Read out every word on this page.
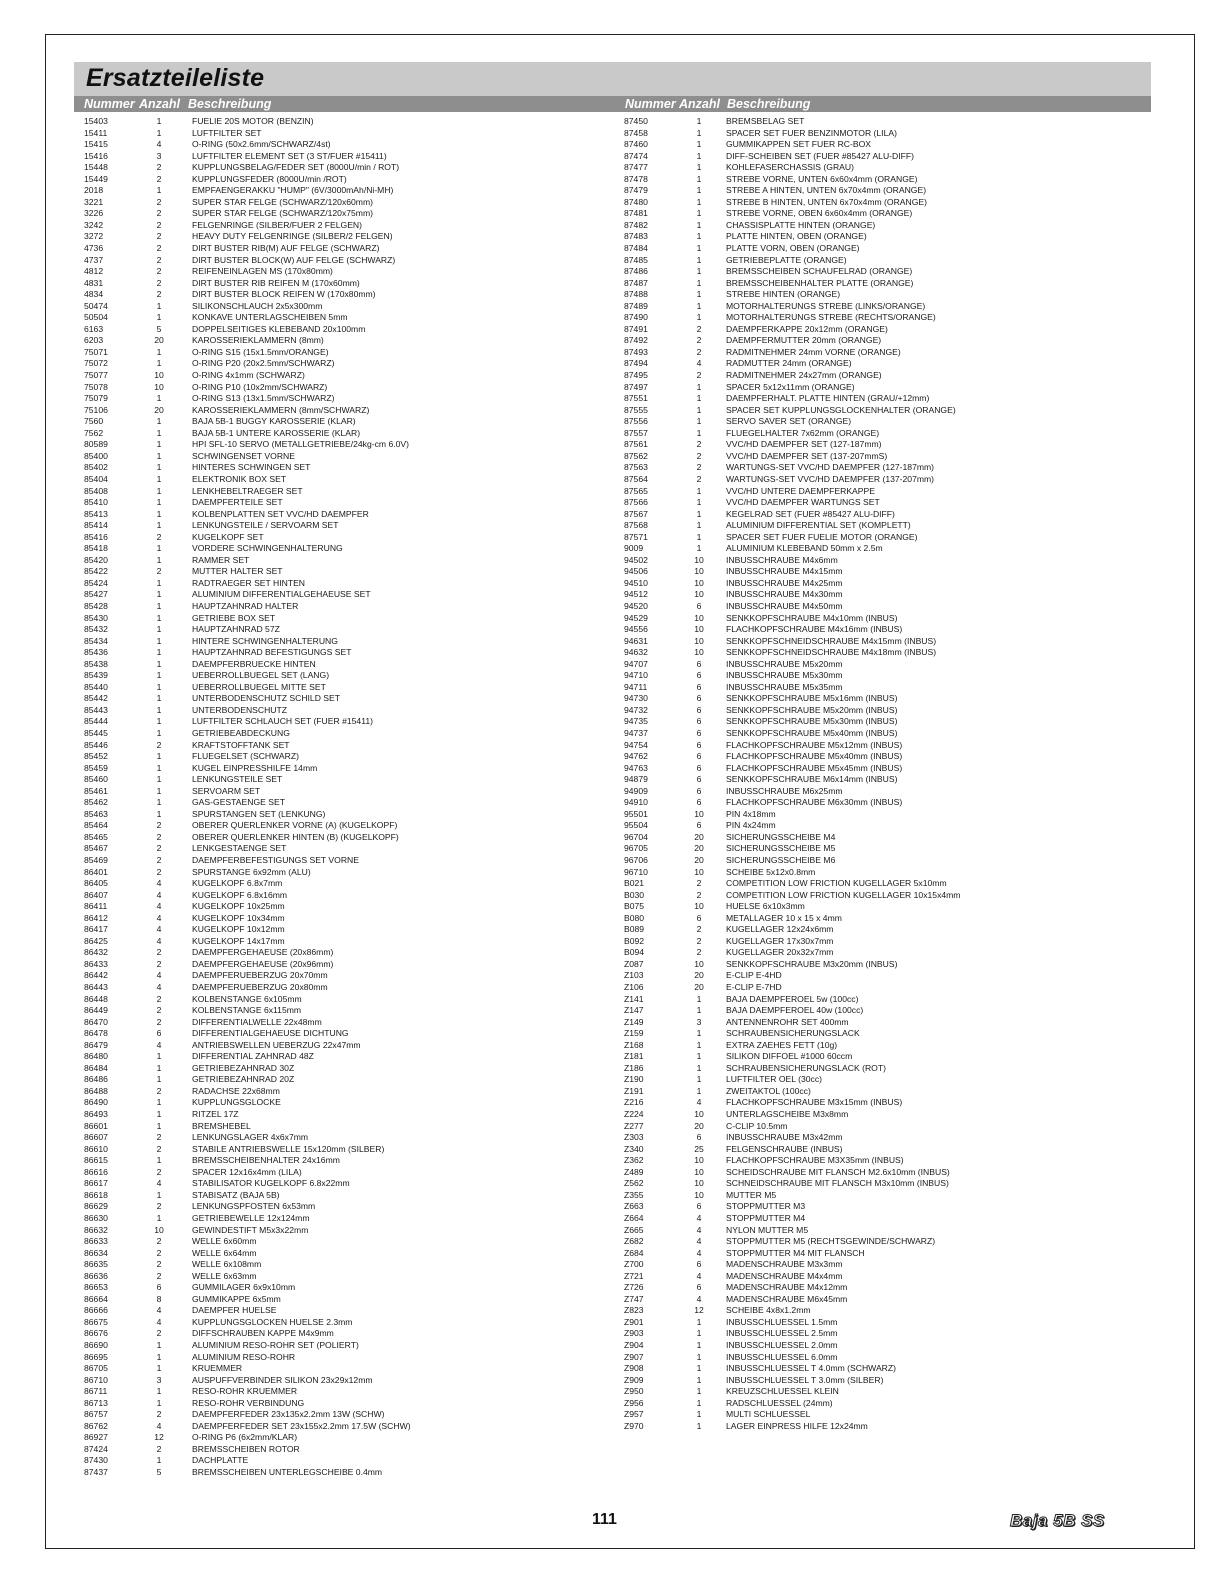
Ersatzteileliste
Nummer Anzahl Beschreibung	Nummer Anzahl Beschreibung
15403	1	FUELIE 20S MOTOR (BENZIN)
15411	1	LUFTFILTER SET
15415	4	O-RING (50x2.6mm/SCHWARZ/4st)
15416	3	LUFTFILTER ELEMENT SET (3 ST/FUER #15411)
15448	2	KUPPLUNGSBELAG/FEDER SET (8000U/min / ROT)
15449	2	KUPPLUNGSFEDER (8000U/min /ROT)
2018	1	EMPFAENGERAKKU "HUMP" (6V/3000mAh/Ni-MH)
3221	2	SUPER STAR FELGE (SCHWARZ/120x60mm)
3226	2	SUPER STAR FELGE (SCHWARZ/120x75mm)
3242	2	FELGENRINGE (SILBER/FUER 2 FELGEN)
3272	2	HEAVY DUTY FELGENRINGE (SILBER/2 FELGEN)
4736	2	DIRT BUSTER RIB(M) AUF FELGE (SCHWARZ)
4737	2	DIRT BUSTER BLOCK(W) AUF FELGE (SCHWARZ)
4812	2	REIFENEINLAGEN MS (170x80mm)
4831	2	DIRT BUSTER RIB REIFEN M (170x60mm)
4834	2	DIRT BUSTER BLOCK REIFEN W (170x80mm)
50474	1	SILIKONSCHLAUCH 2x5x300mm
50504	1	KONKAVE UNTERLAGSCHEIBEN 5mm
6163	5	DOPPELSEITIGES KLEBEBAND 20x100mm
6203	20	KAROSSERIEKLAMMERN (8mm)
75071	1	O-RING S15 (15x1.5mm/ORANGE)
75072	1	O-RING P20 (20x2.5mm/SCHWARZ)
75077	10	O-RING 4x1mm (SCHWARZ)
75078	10	O-RING P10 (10x2mm/SCHWARZ)
75079	1	O-RING S13 (13x1.5mm/SCHWARZ)
75106	20	KAROSSERIEKLAMMERN (8mm/SCHWARZ)
7560	1	BAJA 5B-1 BUGGY KAROSSERIE (KLAR)
7562	1	BAJA 5B-1 UNTERE KAROSSERIE (KLAR)
80589	1	HPI SFL-10 SERVO (METALLGETRIEBE/24kg-cm 6.0V)
85400	1	SCHWINGENSET VORNE
85402	1	HINTERES SCHWINGEN SET
85404	1	ELEKTRONIK BOX SET
85408	1	LENKHEBELTRAEGER SET
85410	1	DAEMPFERTEILE SET
85413	1	KOLBENPLATTEN SET VVC/HD DAEMPFER
85414	1	LENKUNGSTEILE / SERVOARM SET
85416	2	KUGELKOPF SET
85418	1	VORDERE SCHWINGENHALTERUNG
85420	1	RAMMER SET
85422	2	MUTTER HALTER SET
85424	1	RADTRAEGER SET HINTEN
85427	1	ALUMINIUM DIFFERENTIALGEHAEUSE SET
85428	1	HAUPTZAHNRAD HALTER
85430	1	GETRIEBE BOX SET
85432	1	HAUPTZAHNRAD 57Z
85434	1	HINTERE SCHWINGENHALTERUNG
85436	1	HAUPTZAHNRAD BEFESTIGUNGS SET
85438	1	DAEMPFERBRUECKE HINTEN
85439	1	UEBERROLLBUEGEL SET (LANG)
85440	1	UEBERROLLBUEGEL MITTE SET
85442	1	UNTERBODENSCHUTZ SCHILD SET
85443	1	UNTERBODENSCHUTZ
85444	1	LUFTFILTER SCHLAUCH SET (FUER #15411)
85445	1	GETRIEBEABDECKUNG
85446	2	KRAFTSTOFFTANK SET
85452	1	FLUEGELSET (SCHWARZ)
85459	1	KUGEL EINPRESSHILFE 14mm
85460	1	LENKUNGSTEILE SET
85461	1	SERVOARM SET
85462	1	GAS-GESTAENGE SET
85463	1	SPURSTANGEN SET (LENKUNG)
85464	2	OBERER QUERLENKER VORNE (A) (KUGELKOPF)
85465	2	OBERER QUERLENKER HINTEN (B) (KUGELKOPF)
85467	2	LENKGESTAENGE SET
85469	2	DAEMPFERBEFESTIGUNGS SET VORNE
86401	2	SPURSTANGE 6x92mm (ALU)
86405	4	KUGELKOPF 6.8x7mm
86407	4	KUGELKOPF 6.8x16mm
86411	4	KUGELKOPF 10x25mm
86412	4	KUGELKOPF 10x34mm
86417	4	KUGELKOPF 10x12mm
86425	4	KUGELKOPF 14x17mm
86432	2	DAEMPFERGEHAEUSE (20x86mm)
86433	2	DAEMPFERGEHAEUSE (20x96mm)
86442	4	DAEMPFERUEBERZUG 20x70mm
86443	4	DAEMPFERUEBERZUG 20x80mm
86448	2	KOLBENSTANGE 6x105mm
86449	2	KOLBENSTANGE 6x115mm
86470	2	DIFFERENTIALWELLE 22x48mm
86478	6	DIFFERENTIALGEHAEUSE DICHTUNG
86479	4	ANTRIEBSWELLEN UEBERZUG 22x47mm
86480	1	DIFFERENTIAL ZAHNRAD 48Z
86484	1	GETRIEBEZAHNRAD 30Z
86486	1	GETRIEBEZAHNRAD 20Z
86488	2	RADACHSE 22x68mm
86490	1	KUPPLUNGSGLOCKE
86493	1	RITZEL 17Z
86601	1	BREMSHEBEL
86607	2	LENKUNGSLAGER 4x6x7mm
86610	2	STABILE ANTRIEBSWELLE 15x120mm (SILBER)
86615	1	BREMSSCHEIBENHALTER 24x16mm
86616	2	SPACER 12x16x4mm (LILA)
86617	4	STABILISATOR KUGELKOPF 6.8x22mm
86618	1	STABISATZ (BAJA 5B)
86629	2	LENKUNGSPFOSTEN 6x53mm
86630	1	GETRIEBEWELLE 12x124mm
86632	10	GEWINDESTIFT M5x3x22mm
86633	2	WELLE 6x60mm
86634	2	WELLE 6x64mm
86635	2	WELLE 6x108mm
86636	2	WELLE 6x63mm
86653	6	GUMMILAGER 6x9x10mm
86664	8	GUMMIKAPPE 6x5mm
86666	4	DAEMPFER HUELSE
86675	4	KUPPLUNGSGLOCKEN HUELSE 2.3mm
86676	2	DIFFSCHRAUBEN KAPPE M4x9mm
86690	1	ALUMINIUM RESO-ROHR SET (POLIERT)
86695	1	ALUMINIUM RESO-ROHR
86705	1	KRUEMMER
86710	3	AUSPUFFVERBINDER SILIKON 23x29x12mm
86711	1	RESO-ROHR KRUEMMER
86713	1	RESO-ROHR VERBINDUNG
86757	2	DAEMPFERFEDER 23x135x2.2mm 13W (SCHW)
86762	4	DAEMPFERFEDER SET 23x155x2.2mm 17.5W (SCHW)
86927	12	O-RING P6 (6x2mm/KLAR)
87424	2	BREMSSCHEIBEN ROTOR
87430	1	DACHPLATTE
87437	5	BREMSSCHEIBEN UNTERLEGSCHEIBE 0.4mm
87450	1	BREMSBELAG SET
87458	1	SPACER SET FUER BENZINMOTOR (LILA)
87460	1	GUMMIKAPPEN SET FUER RC-BOX
87474	1	DIFF-SCHEIBEN SET (FUER #85427 ALU-DIFF)
87477	1	KOHLEFASERCHASSIS (GRAU)
87478	1	STREBE VORNE, UNTEN 6x60x4mm (ORANGE)
87479	1	STREBE A HINTEN, UNTEN 6x70x4mm (ORANGE)
87480	1	STREBE B HINTEN, UNTEN 6x70x4mm (ORANGE)
87481	1	STREBE VORNE, OBEN 6x60x4mm (ORANGE)
87482	1	CHASSISPLATTE HINTEN (ORANGE)
87483	1	PLATTE HINTEN, OBEN (ORANGE)
87484	1	PLATTE VORN, OBEN (ORANGE)
87485	1	GETRIEBEPLATTE (ORANGE)
87486	1	BREMSSCHEIBEN SCHAUFELRAD (ORANGE)
87487	1	BREMSSCHEIBENHALTER PLATTE (ORANGE)
87488	1	STREBE HINTEN (ORANGE)
87489	1	MOTORHALTERUNGS STREBE (LINKS/ORANGE)
87490	1	MOTORHALTERUNGS STREBE (RECHTS/ORANGE)
87491	2	DAEMPFERKAPPE 20x12mm (ORANGE)
87492	2	DAEMPFERMUTTER 20mm (ORANGE)
87493	2	RADMITNEHMER 24mm VORNE (ORANGE)
87494	4	RADMUTTER 24mm (ORANGE)
87495	2	RADMITNEHMER 24x27mm (ORANGE)
87497	1	SPACER 5x12x11mm (ORANGE)
87551	1	DAEMPFERHALT. PLATTE HINTEN (GRAU/+12mm)
87555	1	SPACER SET KUPPLUNGSGLOCKENHALTER (ORANGE)
87556	1	SERVO SAVER SET (ORANGE)
87557	1	FLUEGELHALTER 7x62mm (ORANGE)
87561	2	VVC/HD DAEMPFER SET (127-187mm)
87562	2	VVC/HD DAEMPFER SET (137-207mmS)
87563	2	WARTUNGS-SET VVC/HD DAEMPFER (127-187mm)
87564	2	WARTUNGS-SET VVC/HD DAEMPFER (137-207mm)
87565	1	VVC/HD UNTERE DAEMPFERKAPPE
87566	1	VVC/HD DAEMPFER WARTUNGS SET
87567	1	KEGELRAD SET (FUER #85427 ALU-DIFF)
87568	1	ALUMINIUM DIFFERENTIAL SET (KOMPLETT)
87571	1	SPACER SET FUER FUELIE MOTOR (ORANGE)
9009	1	ALUMINIUM KLEBEBAND 50mm x 2.5m
94502	10	INBUSSCHRAUBE M4x6mm
94506	10	INBUSSCHRAUBE M4x15mm
94510	10	INBUSSCHRAUBE M4x25mm
94512	10	INBUSSCHRAUBE M4x30mm
94520	6	INBUSSCHRAUBE M4x50mm
94529	10	SENKKOPFSCHRAUBE M4x10mm (INBUS)
94556	10	FLACHKOPFSCHRAUBE M4x16mm (INBUS)
94631	10	SENKKOPFSCHNEIDSCHRAUBE M4x15mm (INBUS)
94632	10	SENKKOPFSCHNEIDSCHRAUBE M4x18mm (INBUS)
94707	6	INBUSSCHRAUBE M5x20mm
94710	6	INBUSSCHRAUBE M5x30mm
94711	6	INBUSSCHRAUBE M5x35mm
94730	6	SENKKOPFSCHRAUBE M5x16mm (INBUS)
94732	6	SENKKOPFSCHRAUBE M5x20mm (INBUS)
94735	6	SENKKOPFSCHRAUBE M5x30mm (INBUS)
94737	6	SENKKOPFSCHRAUBE M5x40mm (INBUS)
94754	6	FLACHKOPFSCHRAUBE M5x12mm (INBUS)
94762	6	FLACHKOPFSCHRAUBE M5x40mm (INBUS)
94763	6	FLACHKOPFSCHRAUBE M5x45mm (INBUS)
94879	6	SENKKOPFSCHRAUBE M6x14mm (INBUS)
94909	6	INBUSSCHRAUBE M6x25mm
94910	6	FLACHKOPFSCHRAUBE M6x30mm (INBUS)
95501	10	PIN 4x18mm
95504	6	PIN 4x24mm
96704	20	SICHERUNGSSCHEIBE M4
96705	20	SICHERUNGSSCHEIBE M5
96706	20	SICHERUNGSSCHEIBE M6
96710	10	SCHEIBE 5x12x0.8mm
B021	2	COMPETITION LOW FRICTION KUGELLAGER 5x10mm
B030	2	COMPETITION LOW FRICTION KUGELLAGER 10x15x4mm
B075	10	HUELSE 6x10x3mm
B080	6	METALLAGER 10 x 15 x 4mm
B089	2	KUGELLAGER 12x24x6mm
B092	2	KUGELLAGER 17x30x7mm
B094	2	KUGELLAGER 20x32x7mm
Z087	10	SENKKOPFSCHRAUBE M3x20mm (INBUS)
Z103	20	E-CLIP E-4HD
Z106	20	E-CLIP E-7HD
Z141	1	BAJA DAEMPFEROEL 5w (100cc)
Z147	1	BAJA DAEMPFEROEL 40w (100cc)
Z149	3	ANTENNENROHR SET 400mm
Z159	1	SCHRAUBENSICHERUNGSLACK
Z168	1	EXTRA ZAEHES FETT (10g)
Z181	1	SILIKON DIFFOEL #1000 60ccm
Z186	1	SCHRAUBENSICHERUNGSLACK (ROT)
Z190	1	LUFTFILTER OEL (30cc)
Z191	1	ZWEITAKTOL (100cc)
Z216	4	FLACHKOPFSCHRAUBE M3x15mm (INBUS)
Z224	10	UNTERLAGSCHEIBE M3x8mm
Z277	20	C-CLIP 10.5mm
Z303	6	INBUSSCHRAUBE M3x42mm
Z340	25	FELGENSCHRAUBE (INBUS)
Z362	10	FLACHKOPFSCHRAUBE M3X35mm (INBUS)
Z489	10	SCHEIDSCHRAUBE MIT FLANSCH M2.6x10mm (INBUS)
Z562	10	SCHNEIDSCHRAUBE MIT FLANSCH M3x10mm (INBUS)
Z355	10	MUTTER M5
Z663	6	STOPPMUTTER M3
Z664	4	STOPPMUTTER M4
Z665	4	NYLON MUTTER M5
Z682	4	STOPPMUTTER M5 (RECHTSGEWINDE/SCHWARZ)
Z684	4	STOPPMUTTER M4 MIT FLANSCH
Z700	6	MADENSCHRAUBE M3x3mm
Z721	4	MADENSCHRAUBE M4x4mm
Z726	6	MADENSCHRAUBE M4x12mm
Z747	4	MADENSCHRAUBE M6x45mm
Z823	12	SCHEIBE 4x8x1.2mm
Z901	1	INBUSSCHLUESSEL 1.5mm
Z903	1	INBUSSCHLUESSEL 2.5mm
Z904	1	INBUSSCHLUESSEL 2.0mm
Z907	1	INBUSSCHLUESSEL 6.0mm
Z908	1	INBUSSCHLUESSEL T 4.0mm (SCHWARZ)
Z909	1	INBUSSCHLUESSEL T 3.0mm (SILBER)
Z950	1	KREUZSCHLUESSEL KLEIN
Z956	1	RADSCHLUESSEL (24mm)
Z957	1	MULTI SCHLUESSEL
Z970	1	LAGER EINPRESS HILFE 12x24mm
111	Baja 5B SS
